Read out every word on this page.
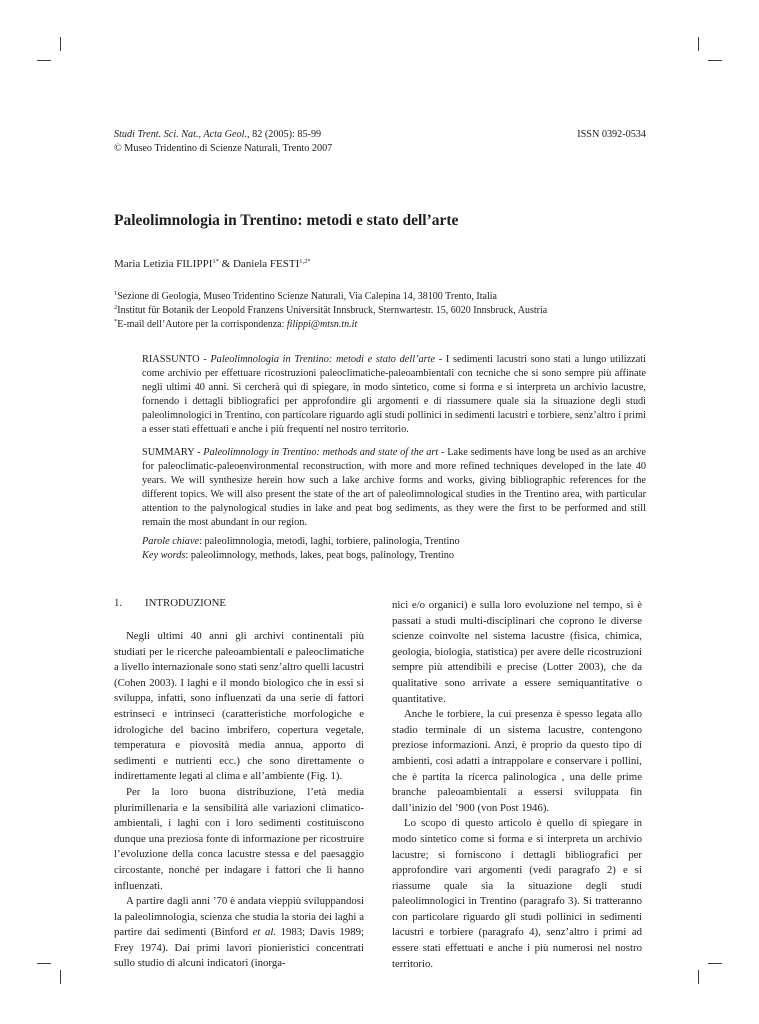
Studi Trent. Sci. Nat., Acta Geol., 82 (2005): 85-99	ISSN 0392-0534
© Museo Tridentino di Scienze Naturali, Trento 2007
Paleolimnologia in Trentino: metodi e stato dell’arte
Maria Letizia $FILIPPI^{1*}$ & Daniela $FESTI^{1,2*}$
$^1$Sezione di Geologia, Museo Tridentino Scienze Naturali, Via Calepina 14, 38100 Trento, Italia
$^2$Institut für Botanik der Leopold Franzens Universität Innsbruck, Sternwartestr. 15, 6020 Innsbruck, Austria
*E-mail dell’Autore per la corrispondenza: filippi@mtsn.tn.it
RIASSUNTO - Paleolimnologia in Trentino: metodi e stato dell’arte - I sedimenti lacustri sono stati a lungo utilizzati come archivio per effettuare ricostruzioni paleoclimatiche-paleoambientali con tecniche che si sono sempre più affinate negli ultimi 40 anni. Si cercherà qui di spiegare, in modo sintetico, come si forma e si interpreta un archivio lacustre, fornendo i dettagli bibliografici per approfondire gli argomenti e di riassumere quale sia la situazione degli studi paleolimnologici in Trentino, con particolare riguardo agli studi pollinici in sedimenti lacustri e torbiere, senz’altro i primi a esser stati effettuati e anche i più frequenti nel nostro territorio.
SUMMARY - Paleolimnology in Trentino: methods and state of the art - Lake sediments have long be used as an archive for paleoclimatic-paleoenvironmental reconstruction, with more and more refined techniques developed in the late 40 years. We will synthesize herein how such a lake archive forms and works, giving bibliographic references for the different topics. We will also present the state of the art of paleolimnological studies in the Trentino area, with particular attention to the palynological studies in lake and peat bog sediments, as they were the first to be performed and still remain the most abundant in our region.
Parole chiave: paleolimnologia, metodi, laghi, torbiere, palinologia, Trentino
Key words: paleolimnology, methods, lakes, peat bogs, palinology, Trentino
1. INTRODUZIONE

Negli ultimi 40 anni gli archivi continentali più studiati per le ricerche paleoambientali e paleoclimatiche a livello internazionale sono stati senz’altro quelli lacustri (Cohen 2003). I laghi e il mondo biologico che in essi si sviluppa, infatti, sono influenzati da una serie di fattori estrinseci e intrinseci (caratteristiche morfologiche e idrologiche del bacino imbrifero, copertura vegetale, temperatura e piovosità media annua, apporto di sedimenti e nutrienti ecc.) che sono direttamente o indirettamente legati al clima e all’ambiente (Fig. 1).

Per la loro buona distribuzione, l’età media plurimillenaria e la sensibilità alle variazioni climatico-ambientali, i laghi con i loro sedimenti costituiscono dunque una preziosa fonte di informazione per ricostruire l’evoluzione della conca lacustre stessa e del paesaggio circostante, nonché per indagare i fattori che li hanno influenzati.

A partire dagli anni ’70 è andata vieppiù sviluppandosi la paleolimnologia, scienza che studia la storia dei laghi a partire dai sedimenti (Binford et al. 1983; Davis 1989; Frey 1974). Dai primi lavori pionieristici concentrati sullo studio di alcuni indicatori (inorga-

nici e/o organici) e sulla loro evoluzione nel tempo, si è passati a studi multi-disciplinari che coprono le diverse scienze coinvolte nel sistema lacustre (fisica, chimica, geologia, biologia, statistica) per avere delle ricostruzioni sempre più attendibili e precise (Lotter 2003), che da qualitative sono arrivate a essere semiquantitative o quantitative.

Anche le torbiere, la cui presenza è spesso legata allo stadio terminale di un sistema lacustre, contengono preziose informazioni. Anzi, è proprio da questo tipo di ambienti, così adatti a intrappolare e conservare i pollini, che è partita la ricerca palinologica , una delle prime branche paleoambientali a essersi sviluppata fin dall’inizio del ’900 (von Post 1946).

Lo scopo di questo articolo è quello di spiegare in modo sintetico come si forma e si interpreta un archivio lacustre; si forniscono i dettagli bibliografici per approfondire vari argomenti (vedi paragrafo 2) e si riassume quale sia la situazione degli studi paleolimnologici in Trentino (paragrafo 3). Si tratteranno con particolare riguardo gli studi pollinici in sedimenti lacustri e torbiere (paragrafo 4), senz’altro i primi ad essere stati effettuati e anche i più numerosi nel nostro territorio.
